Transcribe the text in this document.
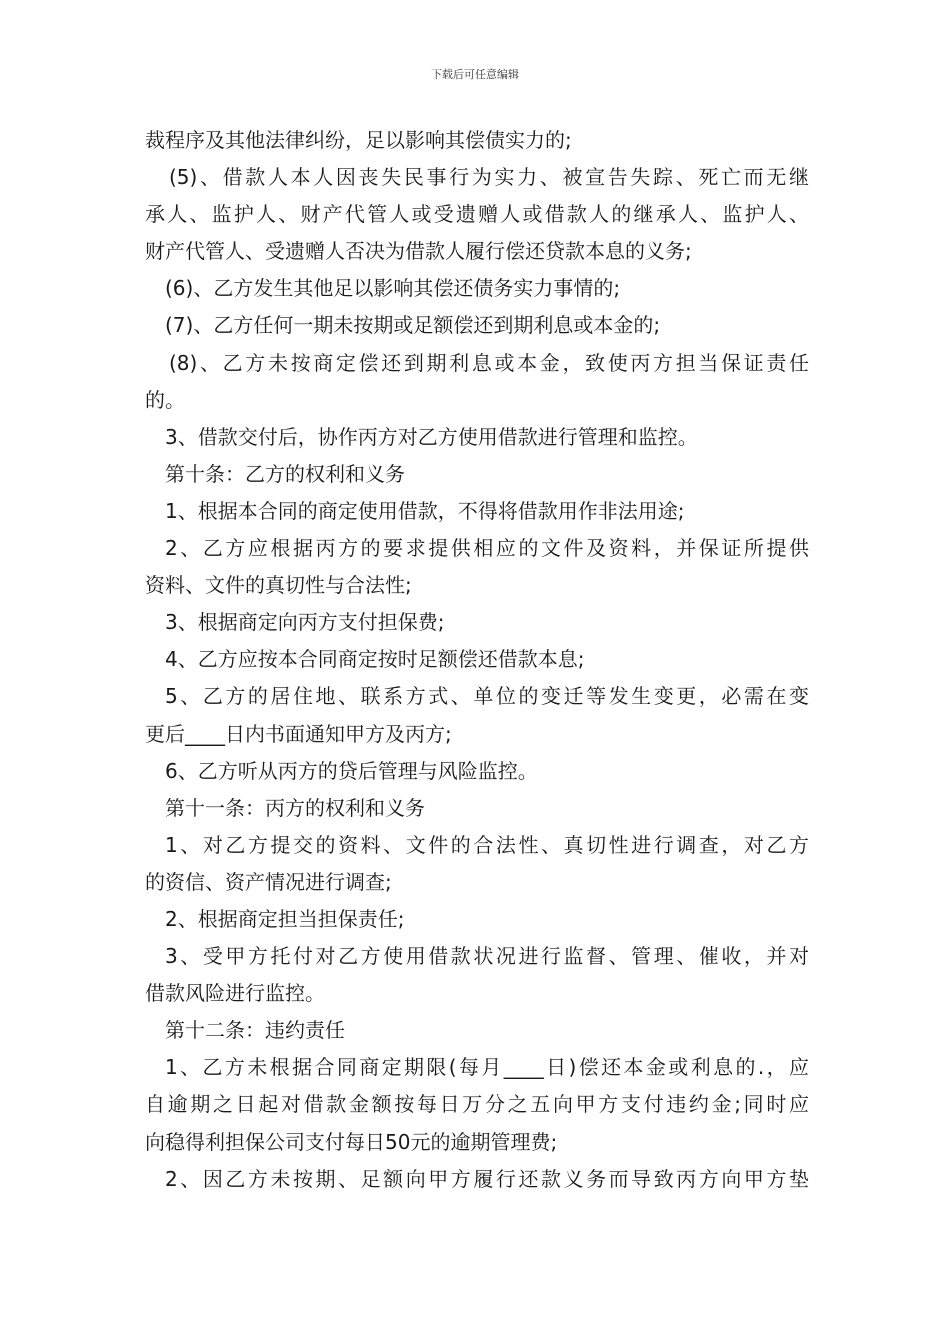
下载后可任意编辑
裁程序及其他法律纠纷，足以影响其偿债实力的;
(5)、借款人本人因丧失民事行为实力、被宣告失踪、死亡而无继
承人、监护人、财产代管人或受遗赠人或借款人的继承人、监护人、
财产代管人、受遗赠人否决为借款人履行偿还贷款本息的义务;
(6)、乙方发生其他足以影响其偿还债务实力事情的;
(7)、乙方任何一期未按期或足额偿还到期利息或本金的;
(8)、乙方未按商定偿还到期利息或本金，致使丙方担当保证责任
的。
3、借款交付后，协作丙方对乙方使用借款进行管理和监控。
第十条：乙方的权利和义务
1、根据本合同的商定使用借款，不得将借款用作非法用途;
2、乙方应根据丙方的要求提供相应的文件及资料，并保证所提供
资料、文件的真切性与合法性;
3、根据商定向丙方支付担保费;
4、乙方应按本合同商定按时足额偿还借款本息;
5、乙方的居住地、联系方式、单位的变迁等发生变更，必需在变
更后____日内书面通知甲方及丙方;
6、乙方听从丙方的贷后管理与风险监控。
第十一条：丙方的权利和义务
1、对乙方提交的资料、文件的合法性、真切性进行调查，对乙方
的资信、资产情况进行调查;
2、根据商定担当担保责任;
3、受甲方托付对乙方使用借款状况进行监督、管理、催收，并对
借款风险进行监控。
第十二条：违约责任
1、乙方未根据合同商定期限(每月____日)偿还本金或利息的.，应
自逾期之日起对借款金额按每日万分之五向甲方支付违约金;同时应
向稳得利担保公司支付每日50元的逾期管理费;
2、因乙方未按期、足额向甲方履行还款义务而导致丙方向甲方垫
